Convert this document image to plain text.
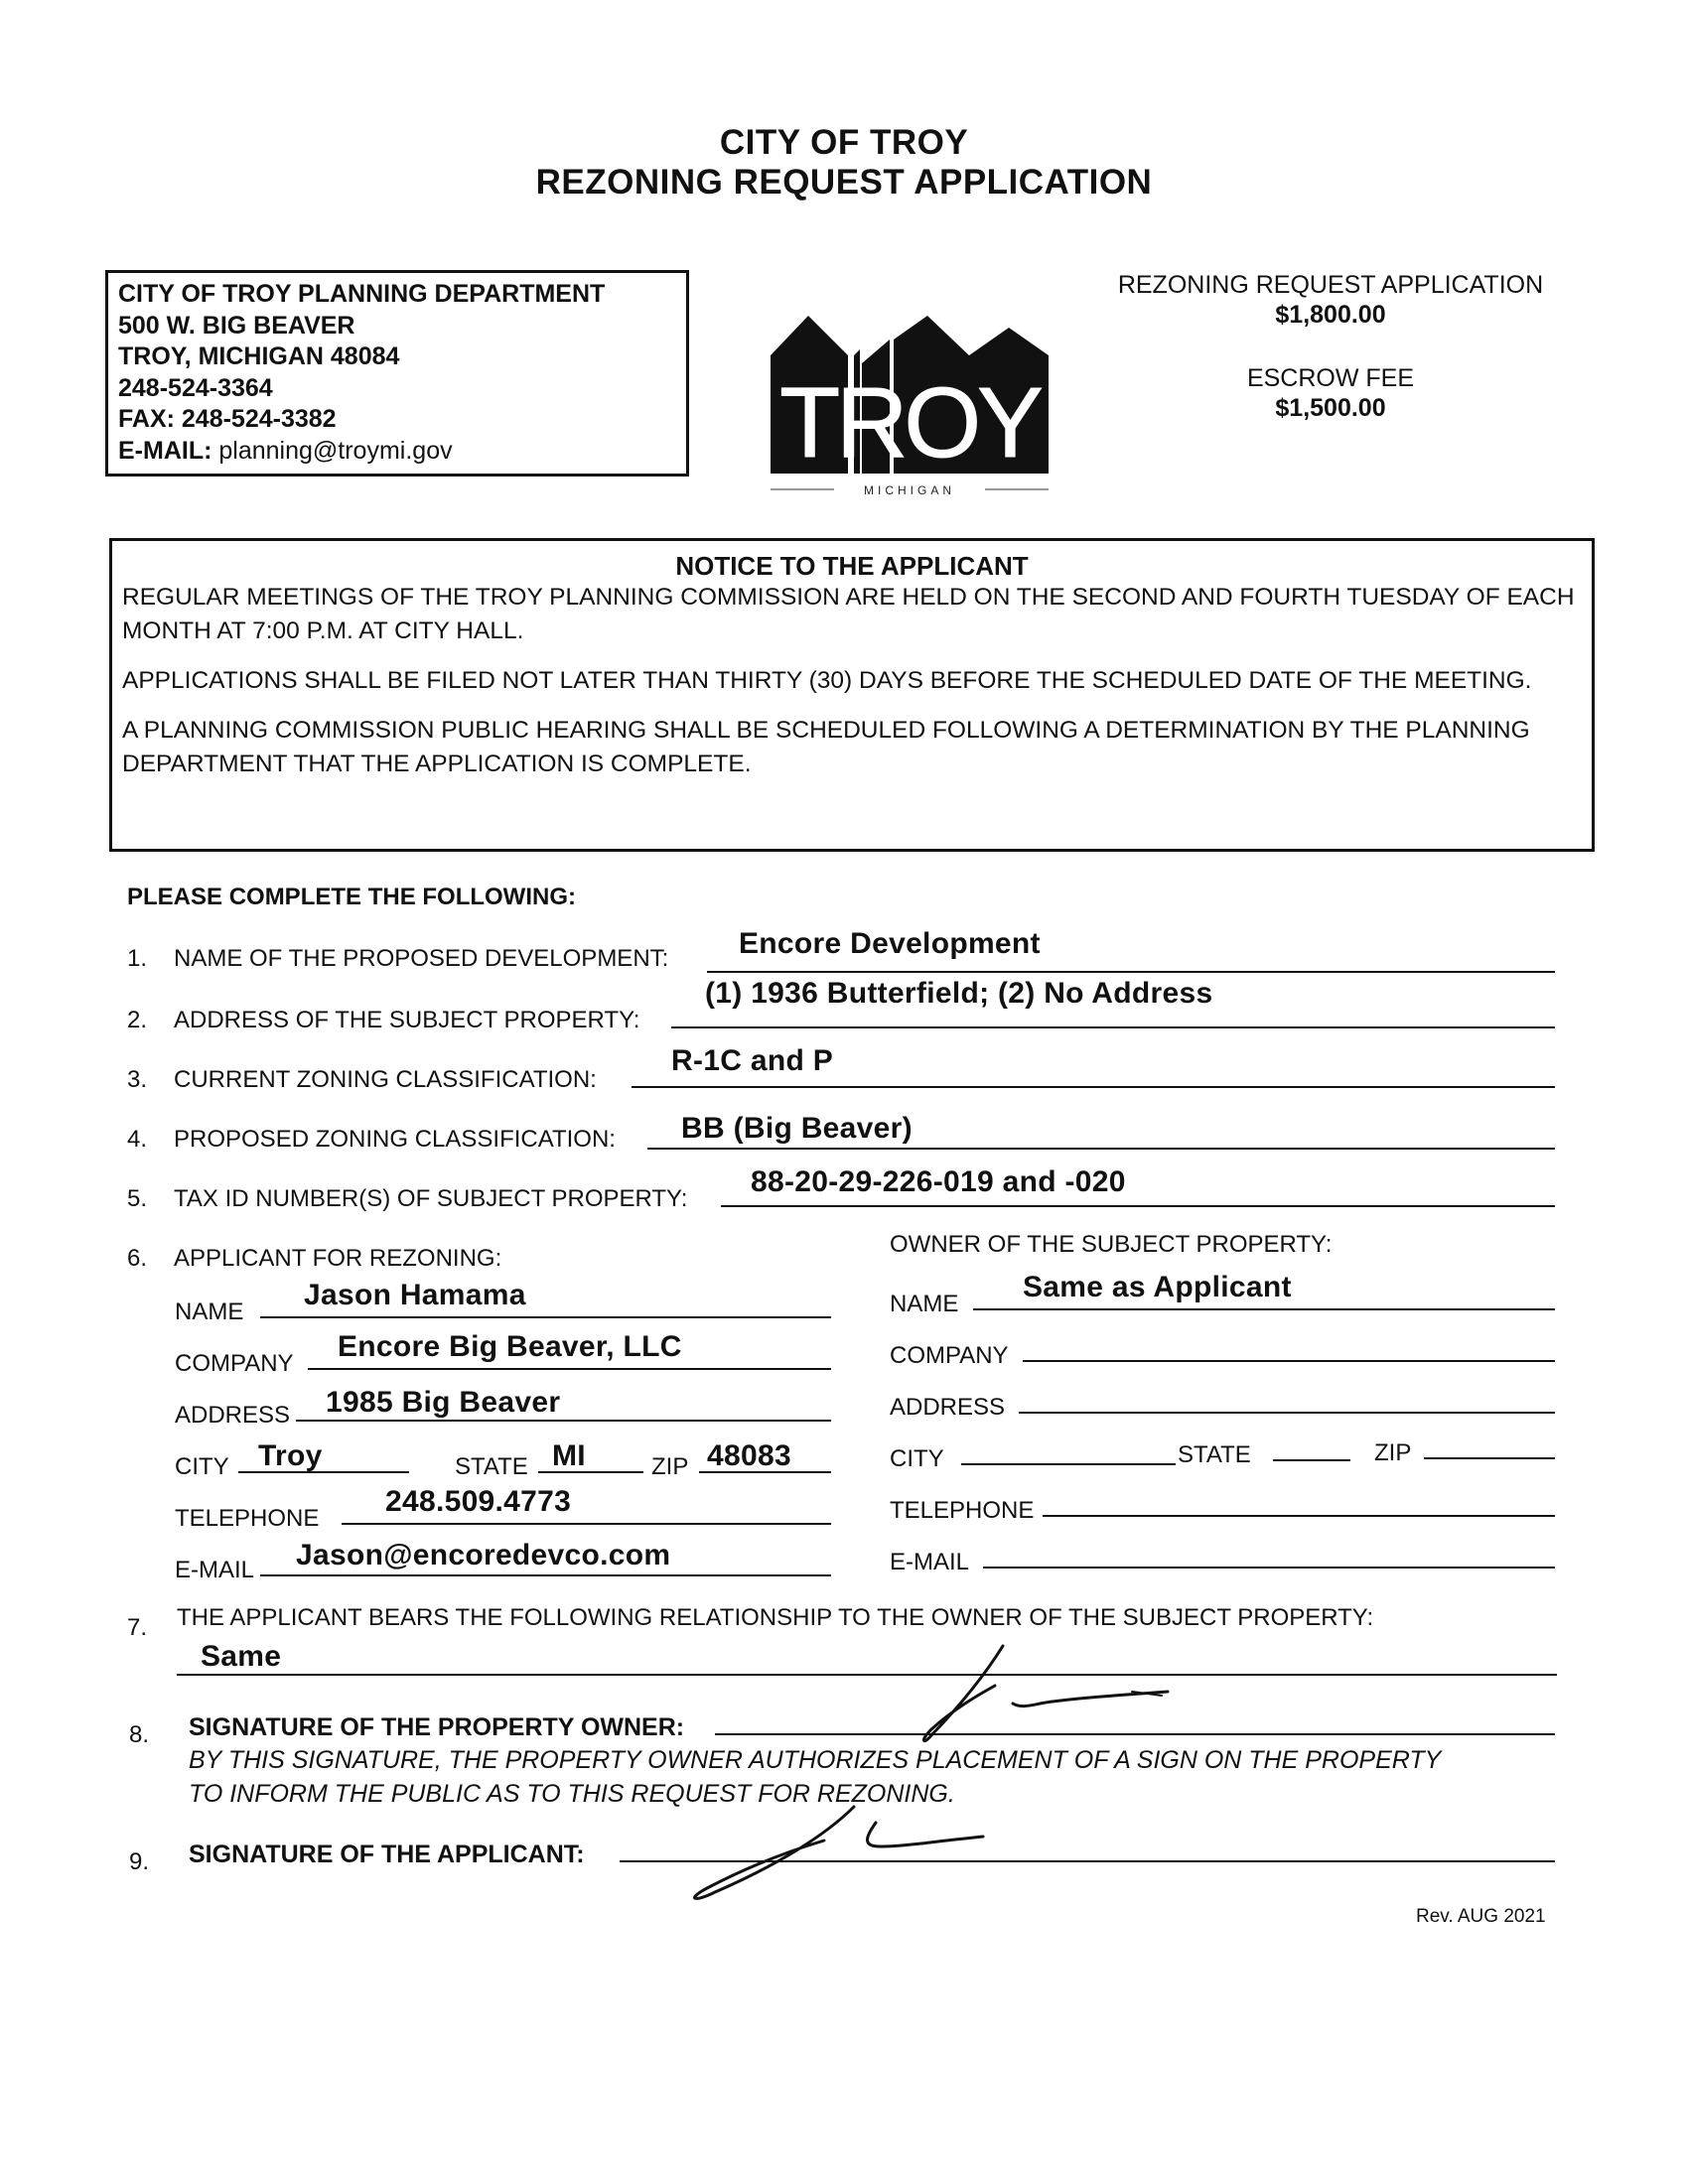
CITY OF TROY
REZONING REQUEST APPLICATION
CITY OF TROY PLANNING DEPARTMENT
500 W. BIG BEAVER
TROY, MICHIGAN 48084
248-524-3364
FAX: 248-524-3382
E-MAIL: planning@troymi.gov	TROY
MICHIGAN
REZONING REQUEST APPLICATION
$1,800.00
ESCROW FEE
$1,500.00
NOTICE TO THE APPLICANT

REGULAR MEETINGS OF THE TROY PLANNING COMMISSION ARE HELD ON THE SECOND AND FOURTH TUESDAY OF EACH MONTH AT 7:00 P.M. AT CITY HALL.

APPLICATIONS SHALL BE FILED NOT LATER THAN THIRTY (30) DAYS BEFORE THE SCHEDULED DATE OF THE MEETING.

A PLANNING COMMISSION PUBLIC HEARING SHALL BE SCHEDULED FOLLOWING A DETERMINATION BY THE PLANNING DEPARTMENT THAT THE APPLICATION IS COMPLETE.

PLEASE COMPLETE THE FOLLOWING:
1. NAME OF THE PROPOSED DEVELOPMENT: Encore Development
2. ADDRESS OF THE SUBJECT PROPERTY:
(1) 1936 Butterfield; (2) No Address
3. CURRENT ZONING CLASSIFICATION:
R-1C and P
4. PROPOSED ZONING CLASSIFICATION: BB (Big Beaver)
5. TAX ID NUMBER(S) OF SUBJECT PROPERTY:
88-20-29-226-019 and -020
6. APPLICANT FOR REZONING:
OWNER OF THE SUBJECT PROPERTY:
NAME
Jason Hamama
COMPANY
Encore Big Beaver, LLC
ADDRESS 1985 Big Beaver
CITY Troy	STATE MI	ZIP 48083
TELEPHONE
248.509.4773
E-MAIL Jason@encoredevco.com
NAME
Same as Applicant
COMPANY
ADDRESS
CITY	STATE	ZIP
TELEPHONE
E-MAIL
7. THE APPLICANT BEARS THE FOLLOWING RELATIONSHIP TO THE OWNER OF THE SUBJECT PROPERTY:
Same
8. SIGNATURE OF THE PROPERTY OWNER:
BY THIS SIGNATURE, THE PROPERTY OWNER AUTHORIZES PLACEMENT OF A SIGN ON THE PROPERTY
TO INFORM THE PUBLIC AS TO THIS REQUEST FOR REZONING.
9. SIGNATURE OF THE APPLICANT:
Rev. AUG 2021
